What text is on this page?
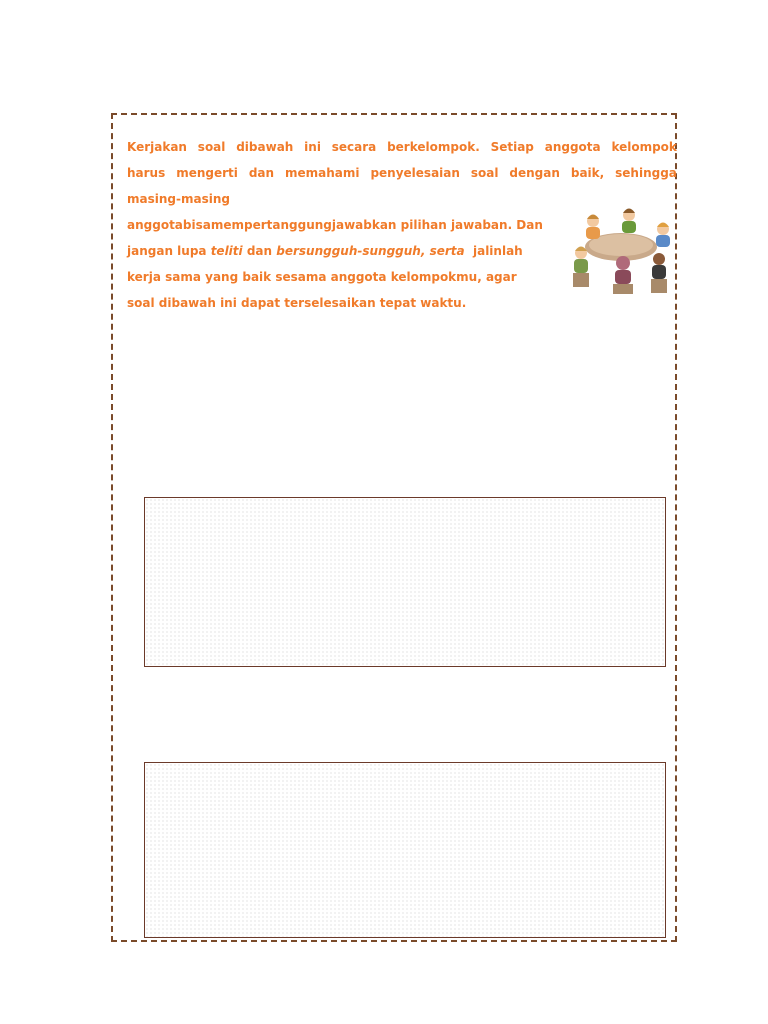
Kerjakan soal dibawah ini secara berkelompok. Setiap anggota kelompok
harus mengerti dan memahami penyelesaian soal dengan baik, sehingga
masing-masing
anggotabisamempertanggungjawabkan pilihan jawaban. Dan
jangan lupa teliti dan bersungguh-sungguh, serta  jalinlah
kerja sama yang baik sesama anggota kelompokmu, agar
soal dibawah ini dapat terselesaikan tepat waktu.
